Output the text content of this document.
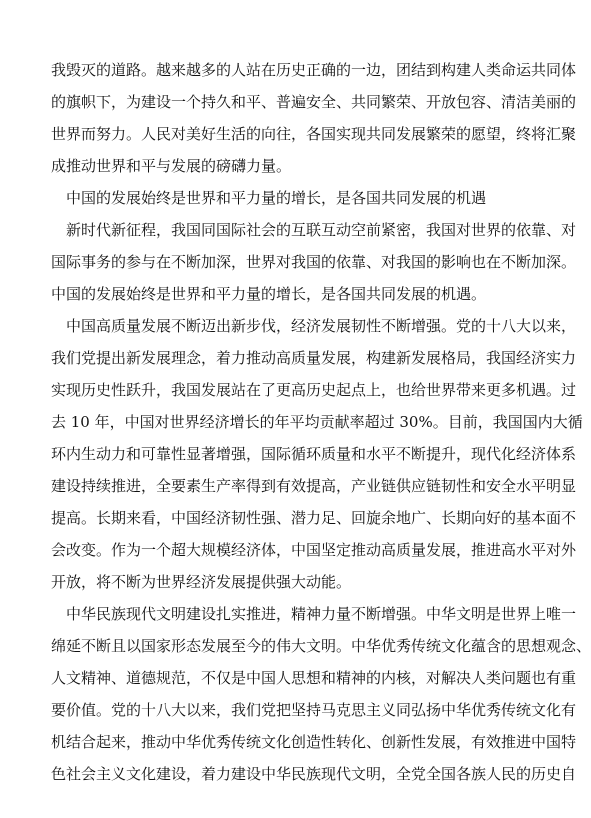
我毁灭的道路。越来越多的人站在历史正确的一边，团结到构建人类命运共同体
的旗帜下，为建设一个持久和平、普遍安全、共同繁荣、开放包容、清洁美丽的
世界而努力。人民对美好生活的向往，各国实现共同发展繁荣的愿望，终将汇聚
成推动世界和平与发展的磅礴力量。
中国的发展始终是世界和平力量的增长，是各国共同发展的机遇
新时代新征程，我国同国际社会的互联互动空前紧密，我国对世界的依靠、对
国际事务的参与在不断加深，世界对我国的依靠、对我国的影响也在不断加深。
中国的发展始终是世界和平力量的增长，是各国共同发展的机遇。
中国高质量发展不断迈出新步伐，经济发展韧性不断增强。党的十八大以来，
我们党提出新发展理念，着力推动高质量发展，构建新发展格局，我国经济实力
实现历史性跃升，我国发展站在了更高历史起点上，也给世界带来更多机遇。过
去 10 年，中国对世界经济增长的年平均贡献率超过 30%。目前，我国国内大循
环内生动力和可靠性显著增强，国际循环质量和水平不断提升，现代化经济体系
建设持续推进，全要素生产率得到有效提高，产业链供应链韧性和安全水平明显
提高。长期来看，中国经济韧性强、潜力足、回旋余地广、长期向好的基本面不
会改变。作为一个超大规模经济体，中国坚定推动高质量发展，推进高水平对外
开放，将不断为世界经济发展提供强大动能。
中华民族现代文明建设扎实推进，精神力量不断增强。中华文明是世界上唯一
绵延不断且以国家形态发展至今的伟大文明。中华优秀传统文化蕴含的思想观念、
人文精神、道德规范，不仅是中国人思想和精神的内核，对解决人类问题也有重
要价值。党的十八大以来，我们党把坚持马克思主义同弘扬中华优秀传统文化有
机结合起来，推动中华优秀传统文化创造性转化、创新性发展，有效推进中国特
色社会主义文化建设，着力建设中华民族现代文明，全党全国各族人民的历史自
